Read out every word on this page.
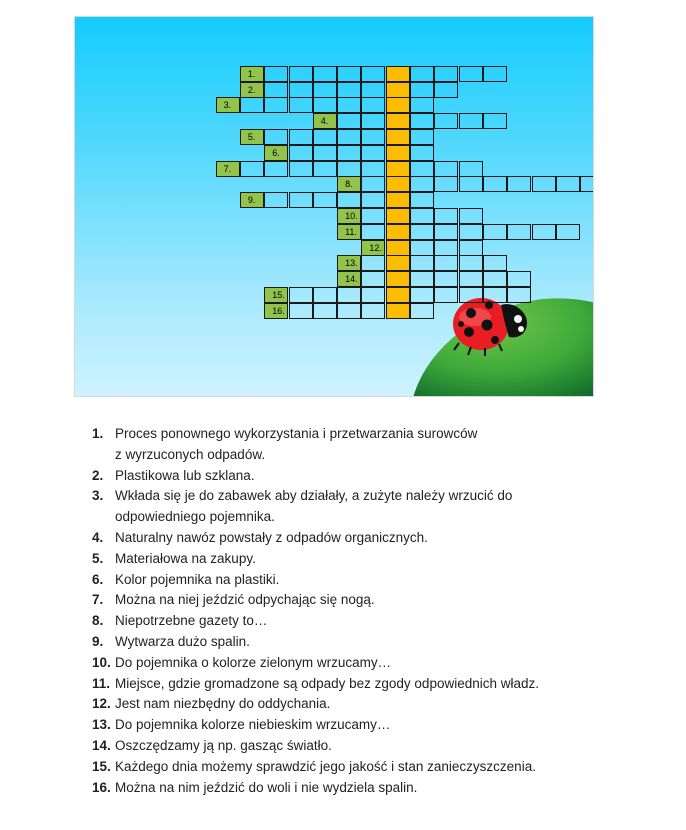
1.
2.
3.
4.
5.
6.
7.
8.
9.
10.
11.
12.
13.
14.
15.
16.
1. Proces ponownego wykorzystania i przetwarzania surowców
z wyrzuconych odpadów.
2. Plastikowa lub szklana.
3. Wkłada się je do zabawek aby działały, a zużyte należy wrzucić do
odpowiedniego pojemnika.
4. Naturalny nawóz powstały z odpadów organicznych.
5. Materiałowa na zakupy.
6. Kolor pojemnika na plastiki.
7. Można na niej jeździć odpychając się nogą.
8. Niepotrzebne gazety to…
9. Wytwarza dużo spalin.
10. Do pojemnika o kolorze zielonym wrzucamy…
11. Miejsce, gdzie gromadzone są odpady bez zgody odpowiednich władz.
12. Jest nam niezbędny do oddychania.
13. Do pojemnika kolorze niebieskim wrzucamy…
14. Oszczędzamy ją np. gasząc światło.
15. Każdego dnia możemy sprawdzić jego jakość i stan zanieczyszczenia.
16. Można na nim jeździć do woli i nie wydziela spalin.
